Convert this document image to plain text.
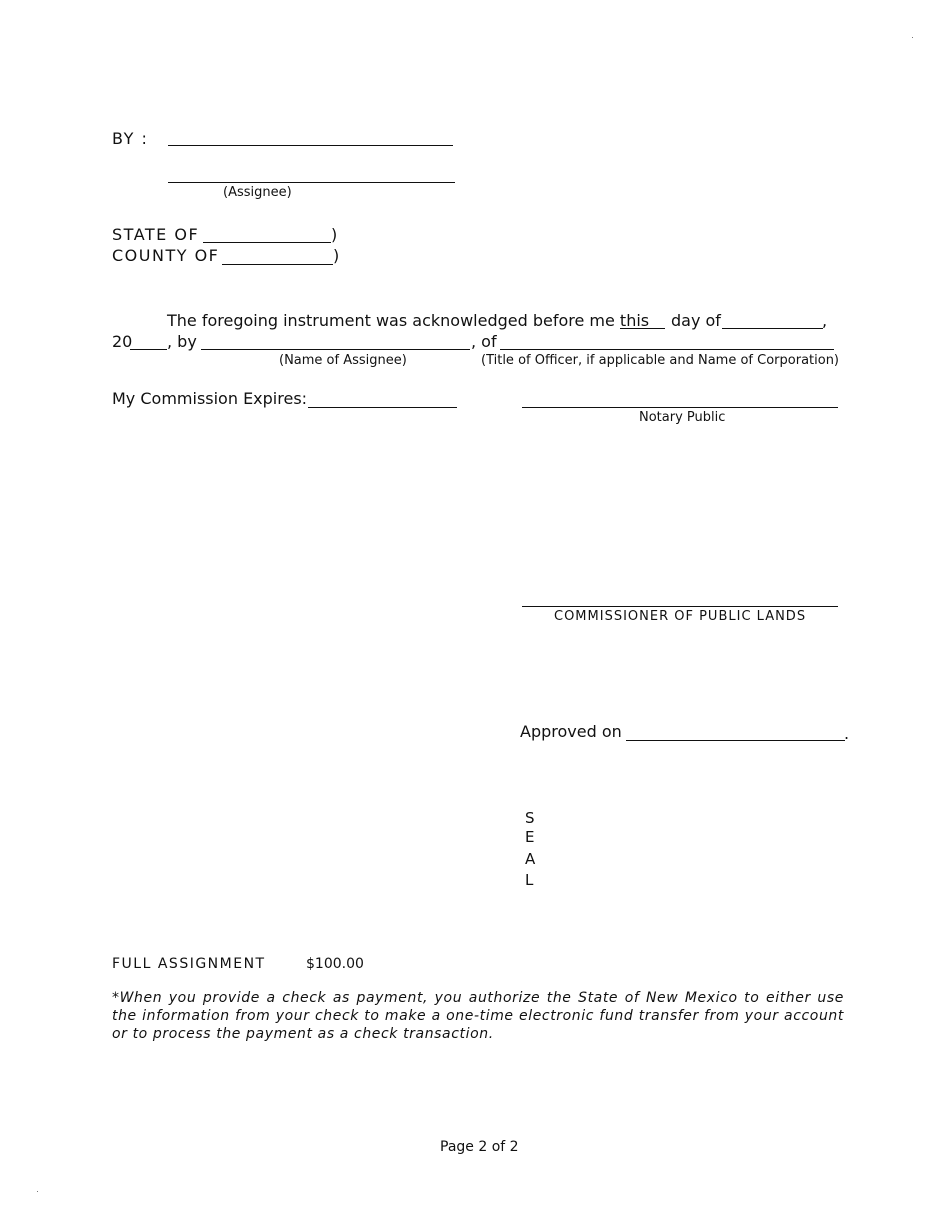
BY :
(Assignee)
STATE OF	)
COUNTY OF	)
The foregoing instrument was acknowledged before me this day of	,
20 , by	, of
(Name of Assignee)	(Title of Officer, if applicable and Name of Corporation)
My Commission Expires:
Notary Public
COMMISSIONER OF PUBLIC LANDS
Approved on	.
S
E
A
L
FULL ASSIGNMENT	$100.00
*When you provide a check as payment, you authorize the State of New Mexico to either use the information from your check to make a one-time electronic fund transfer from your account or to process the payment as a check transaction.
Page 2 of 2
